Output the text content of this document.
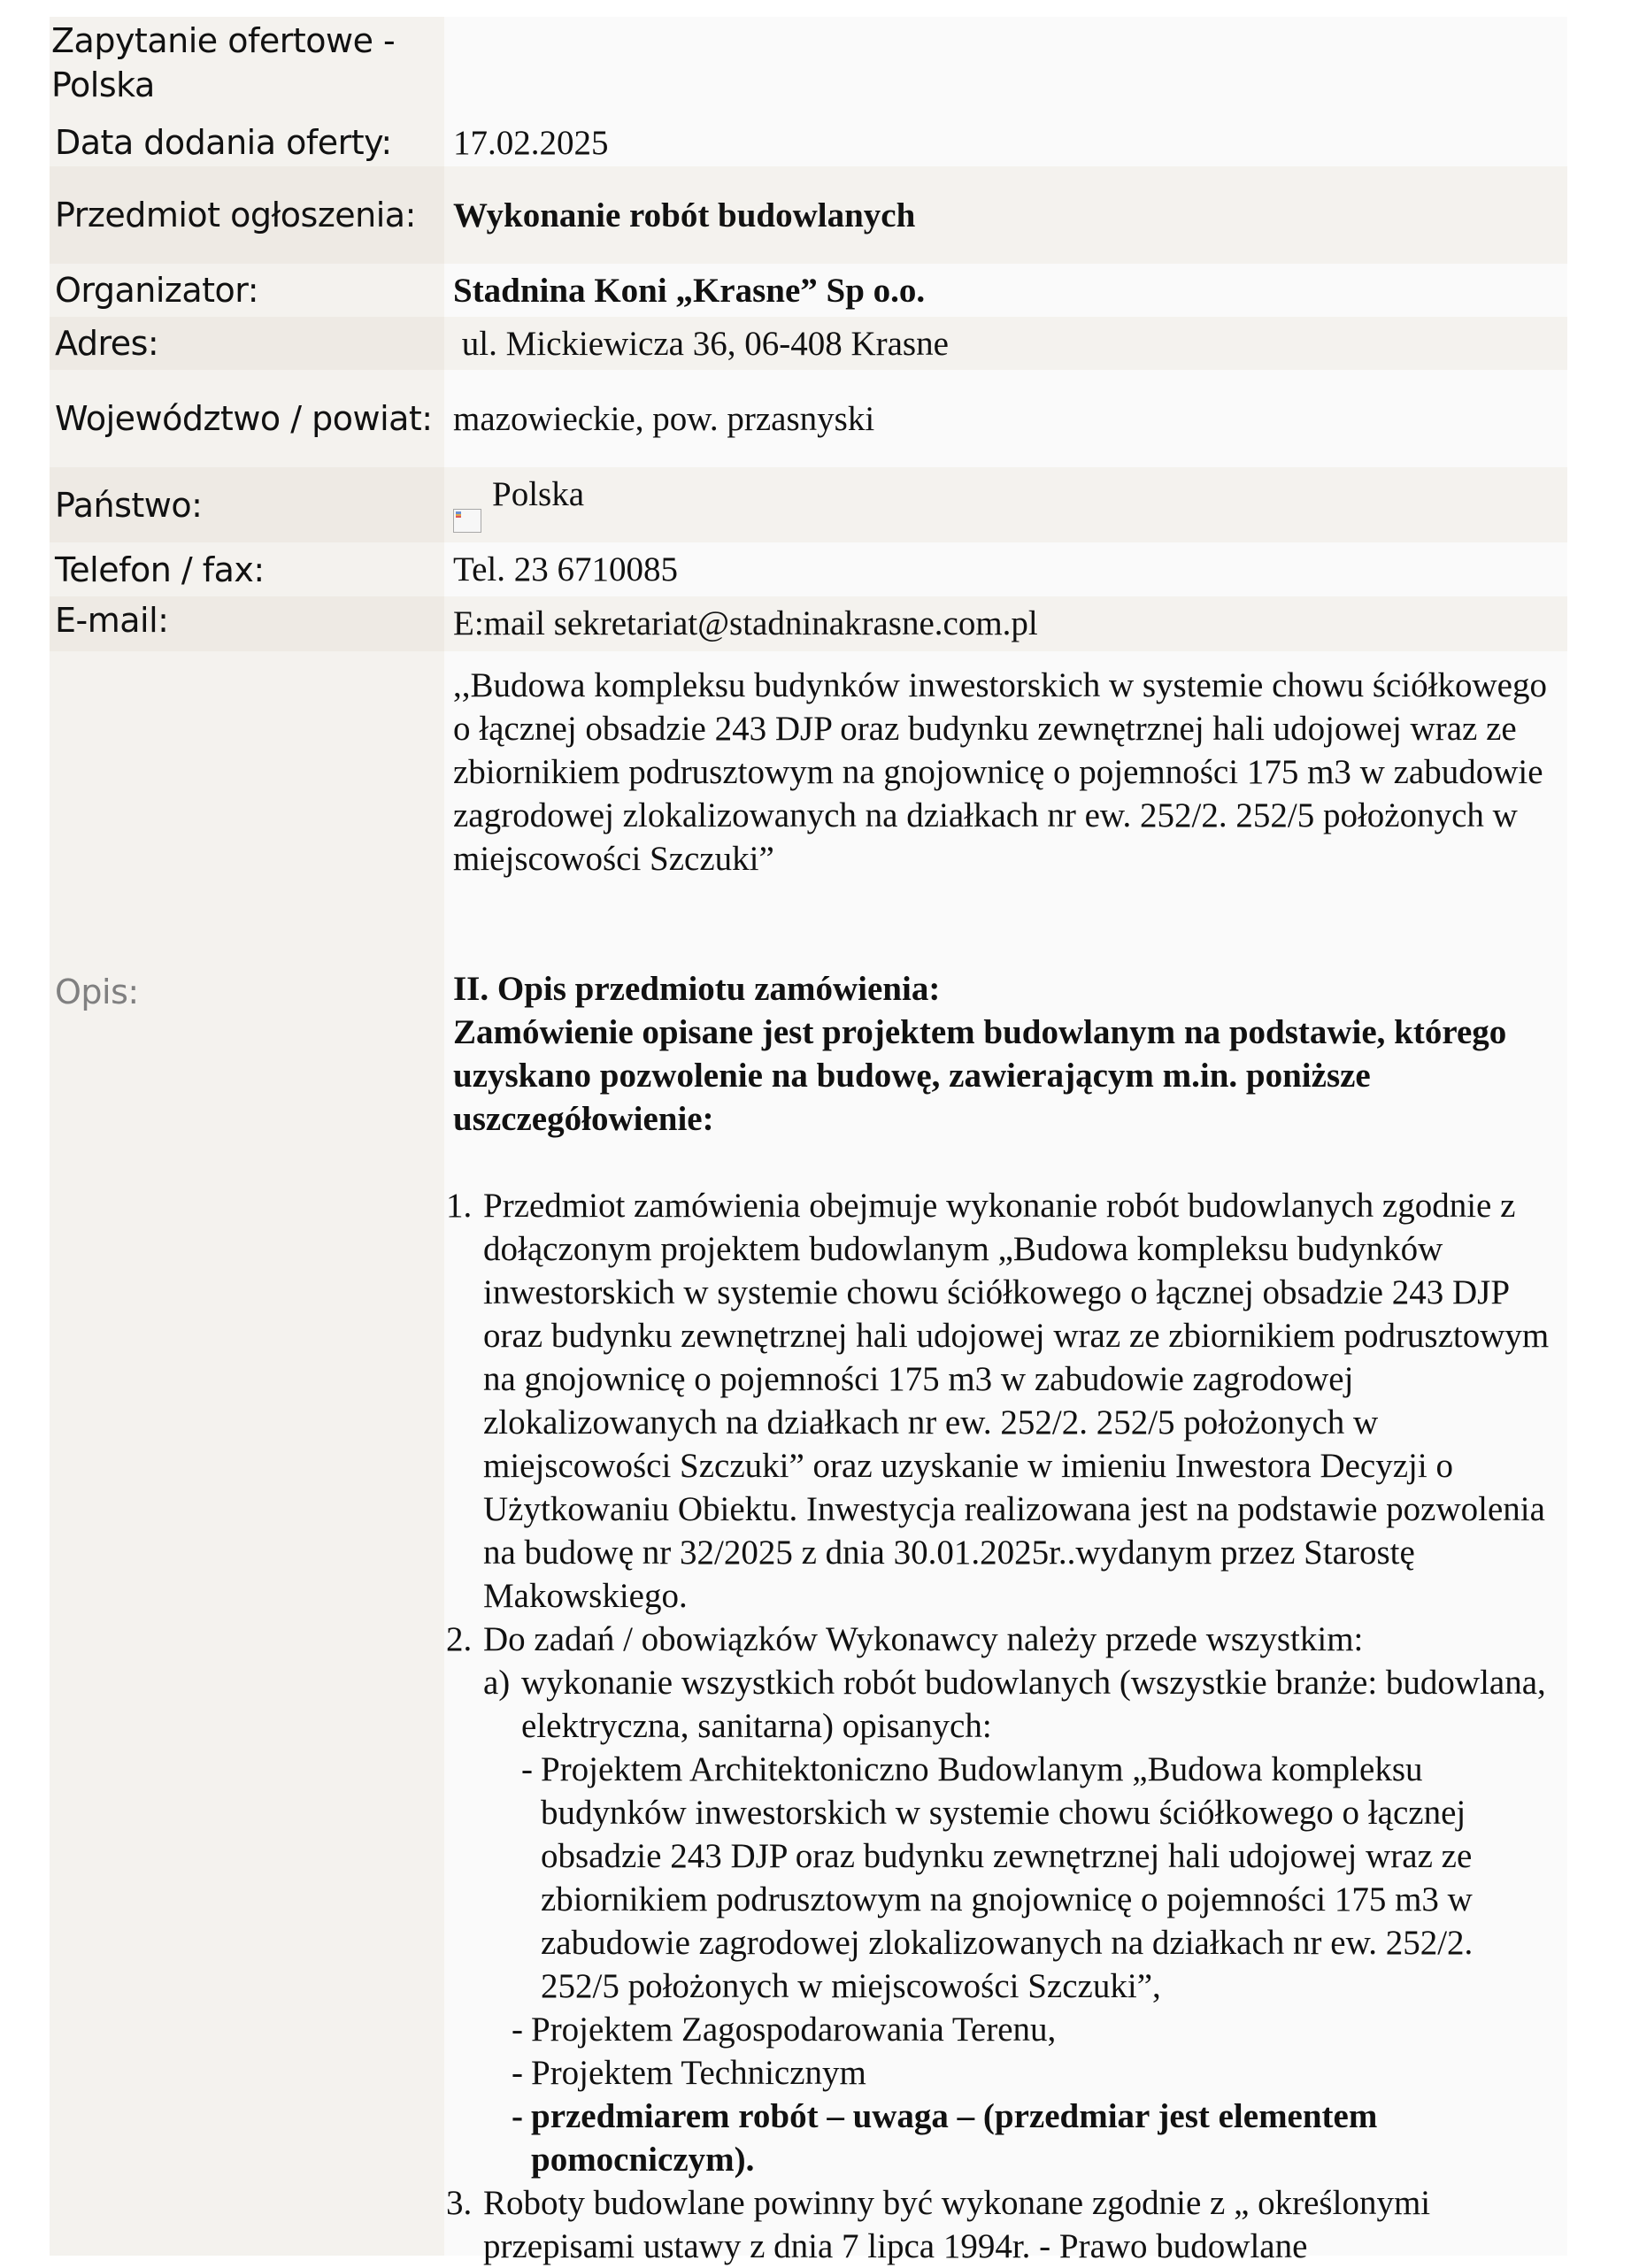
Zapytanie ofertowe - Polska
Data dodania oferty:	17.02.2025
Przedmiot ogłoszenia:	Wykonanie robót budowlanych
Organizator:	Stadnina Koni „Krasne” Sp o.o.
Adres:	ul. Mickiewicza 36, 06-408 Krasne
Województwo / powiat: mazowieckie, pow. przasnyski
Państwo:	Polska
Telefon / fax:	Tel. 23 6710085
E-mail:	E:mail sekretariat@stadninakrasne.com.pl
Opis:
,,Budowa kompleksu budynków inwestorskich w systemie chowu ściółkowego o łącznej obsadzie 243 DJP oraz budynku zewnętrznej hali udojowej wraz ze zbiornikiem podrusztowym na gnojownicę o pojemności 175 m3 w zabudowie zagrodowej zlokalizowanych na działkach nr ew. 252/2. 252/5 położonych w miejscowości Szczuki”
II. Opis przedmiotu zamówienia:
Zamówienie opisane jest projektem budowlanym na podstawie, którego uzyskano pozwolenie na budowę, zawierającym m.in. poniższe uszczegółowienie:
1. Przedmiot zamówienia obejmuje wykonanie robót budowlanych zgodnie z dołączonym projektem budowlanym „Budowa kompleksu budynków inwestorskich w systemie chowu ściółkowego o łącznej obsadzie 243 DJP oraz budynku zewnętrznej hali udojowej wraz ze zbiornikiem podrusztowym na gnojownicę o pojemności 175 m3 w zabudowie zagrodowej zlokalizowanych na działkach nr ew. 252/2. 252/5 położonych w miejscowości Szczuki” oraz uzyskanie w imieniu Inwestora Decyzji o Użytkowaniu Obiektu. Inwestycja realizowana jest na podstawie pozwolenia na budowę nr 32/2025 z dnia 30.01.2025r..wydanym przez Starostę Makowskiego.
2. Do zadań / obowiązków Wykonawcy należy przede wszystkim:
a) wykonanie wszystkich robót budowlanych (wszystkie branże: budowlana, elektryczna, sanitarna) opisanych:
- Projektem Architektoniczno Budowlanym „Budowa kompleksu budynków inwestorskich w systemie chowu ściółkowego o łącznej obsadzie 243 DJP oraz budynku zewnętrznej hali udojowej wraz ze zbiornikiem podrusztowym na gnojownicę o pojemności 175 m3 w zabudowie zagrodowej zlokalizowanych na działkach nr ew. 252/2. 252/5 położonych w miejscowości Szczuki”,
- Projektem Zagospodarowania Terenu,
- Projektem Technicznym
- przedmiarem robót – uwaga – (przedmiar jest elementem pomocniczym).
3. Roboty budowlane powinny być wykonane zgodnie z „ określonymi przepisami ustawy z dnia 7 lipca 1994r. - Prawo budowlane
